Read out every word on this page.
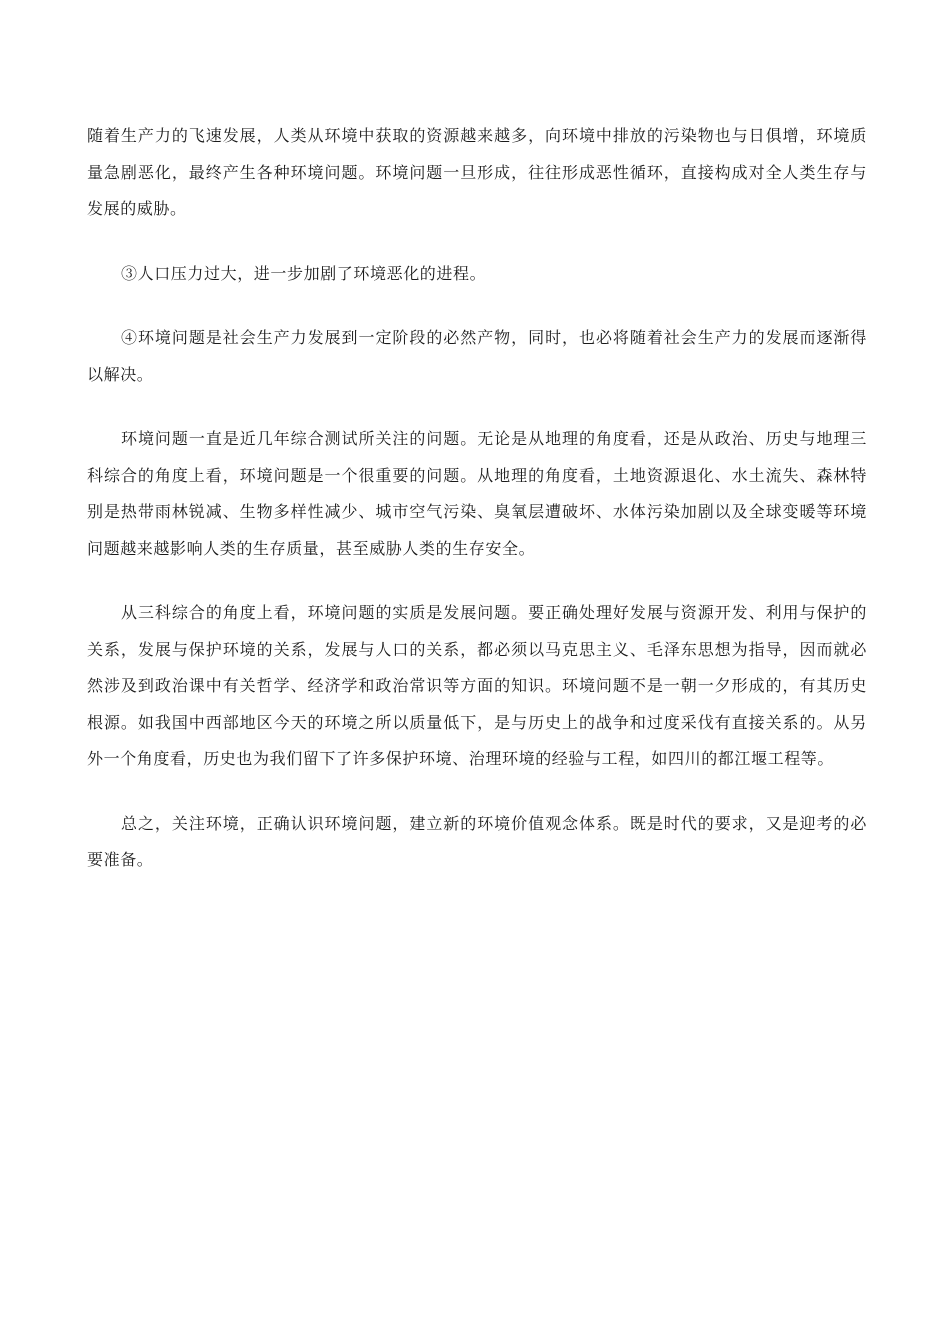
随着生产力的飞速发展，人类从环境中获取的资源越来越多，向环境中排放的污染物也与日俱增，环境质量急剧恶化，最终产生各种环境问题。环境问题一旦形成，往往形成恶性循环，直接构成对全人类生存与发展的威胁。

③人口压力过大，进一步加剧了环境恶化的进程。

④环境问题是社会生产力发展到一定阶段的必然产物，同时，也必将随着社会生产力的发展而逐渐得以解决。

环境问题一直是近几年综合测试所关注的问题。无论是从地理的角度看，还是从政治、历史与地理三科综合的角度上看，环境问题是一个很重要的问题。从地理的角度看，土地资源退化、水土流失、森林特别是热带雨林锐减、生物多样性减少、城市空气污染、臭氧层遭破坏、水体污染加剧以及全球变暖等环境问题越来越影响人类的生存质量，甚至威胁人类的生存安全。

从三科综合的角度上看，环境问题的实质是发展问题。要正确处理好发展与资源开发、利用与保护的关系，发展与保护环境的关系，发展与人口的关系，都必须以马克思主义、毛泽东思想为指导，因而就必然涉及到政治课中有关哲学、经济学和政治常识等方面的知识。环境问题不是一朝一夕形成的，有其历史根源。如我国中西部地区今天的环境之所以质量低下，是与历史上的战争和过度采伐有直接关系的。从另外一个角度看，历史也为我们留下了许多保护环境、治理环境的经验与工程，如四川的都江堰工程等。

总之，关注环境，正确认识环境问题，建立新的环境价值观念体系。既是时代的要求，又是迎考的必要准备。
